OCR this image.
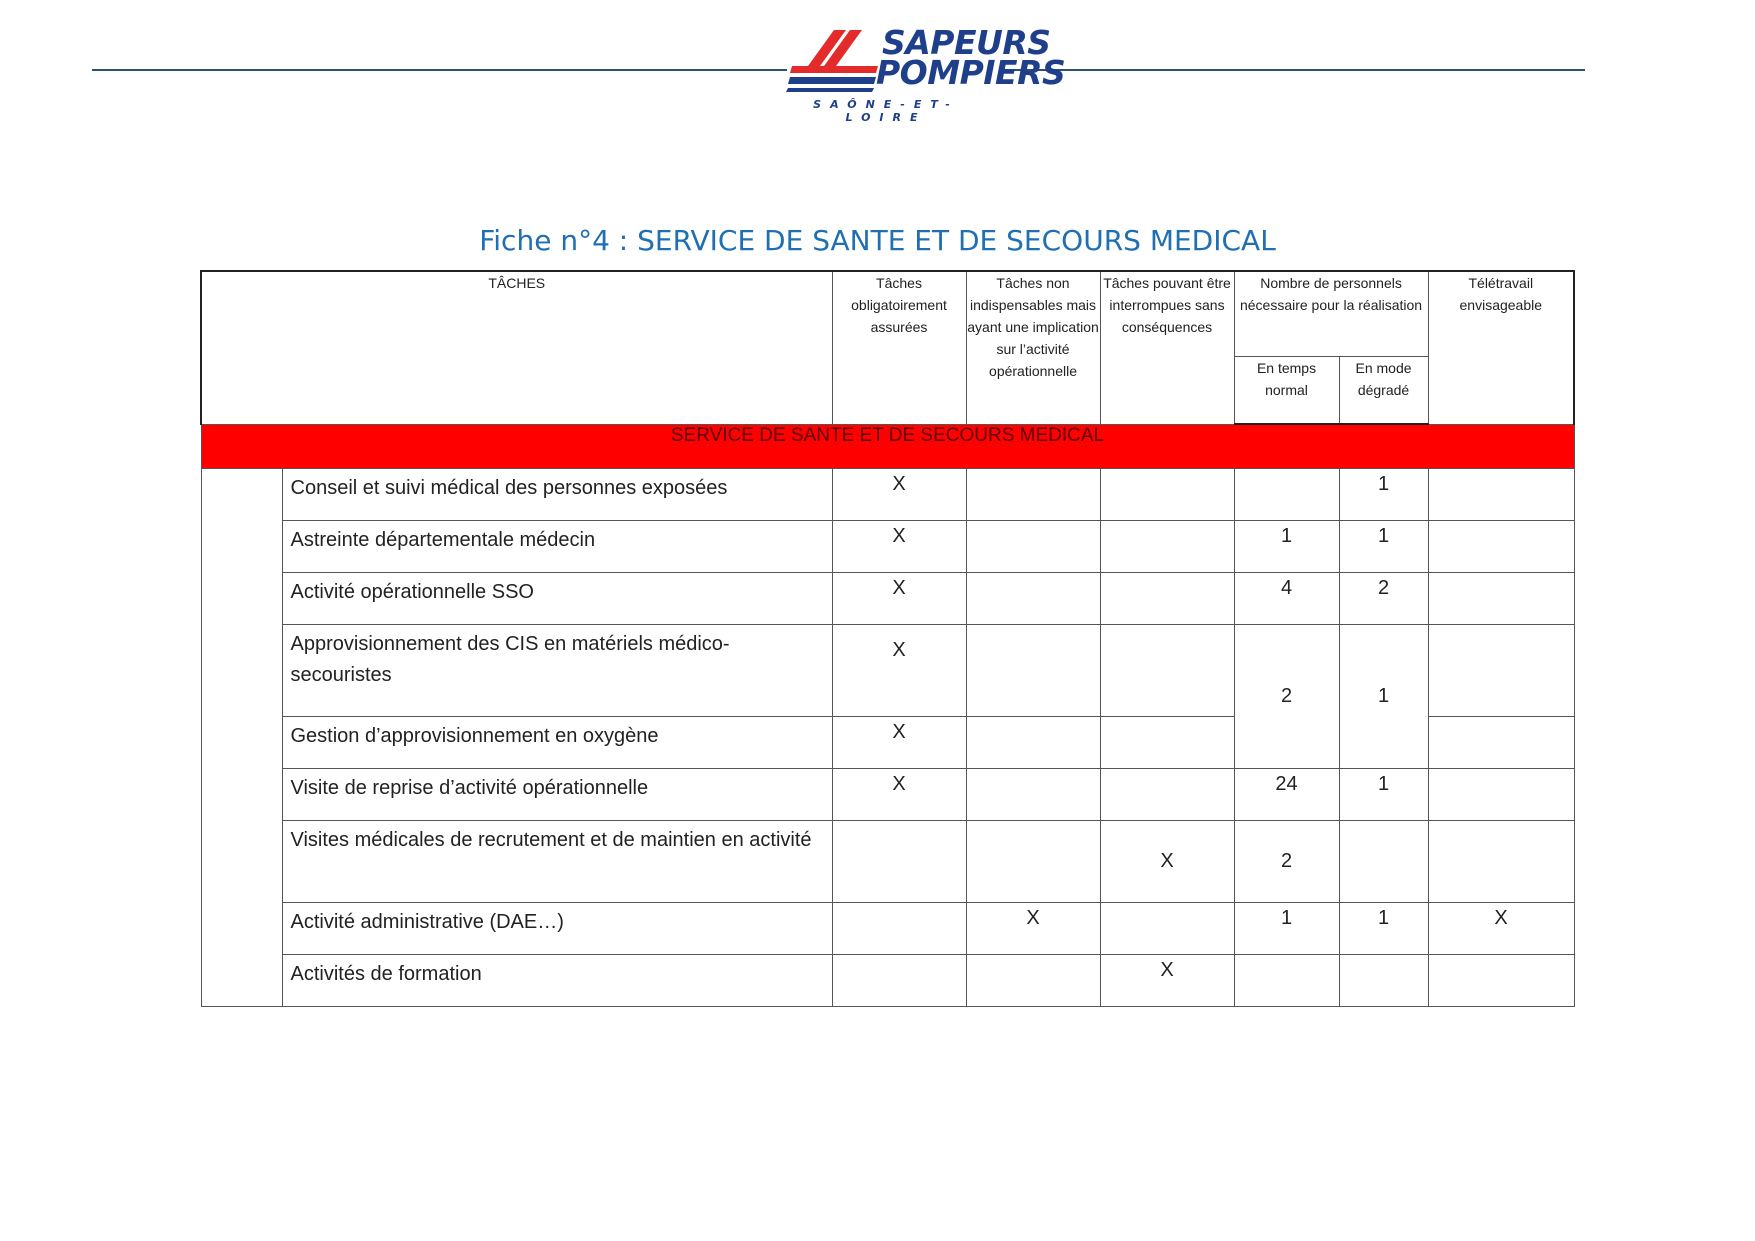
SAPEURS
POMPIERS
SAÔNE-ET-LOIRE
Fiche n°4 : SERVICE DE SANTE ET DE SECOURS MEDICAL
TÂCHES		Tâches obligatoirement assurées	Tâches non indispensables mais ayant une implication sur l’activité opérationnelle	Tâches pouvant être interrompues sans conséquences	Nombre de personnels nécessaire pour la réalisation		Télétravail envisageable
					En temps normal	En mode dégradé	
SERVICE DE SANTE ET DE SECOURS MEDICAL							
	Conseil et suivi médical des personnes exposées	X				1	
	Astreinte départementale médecin	X			1	1	
	Activité opérationnelle SSO	X			4	2	
	Approvisionnement des CIS en matériels médico-secouristes	X			2	1	
	Gestion d’approvisionnement en oxygène	X					
	Visite de reprise d’activité opérationnelle	X			24	1	
	Visites médicales de recrutement et de maintien en activité			X	2		
	Activité administrative (DAE…)		X		1	1	X
	Activités de formation			X			
